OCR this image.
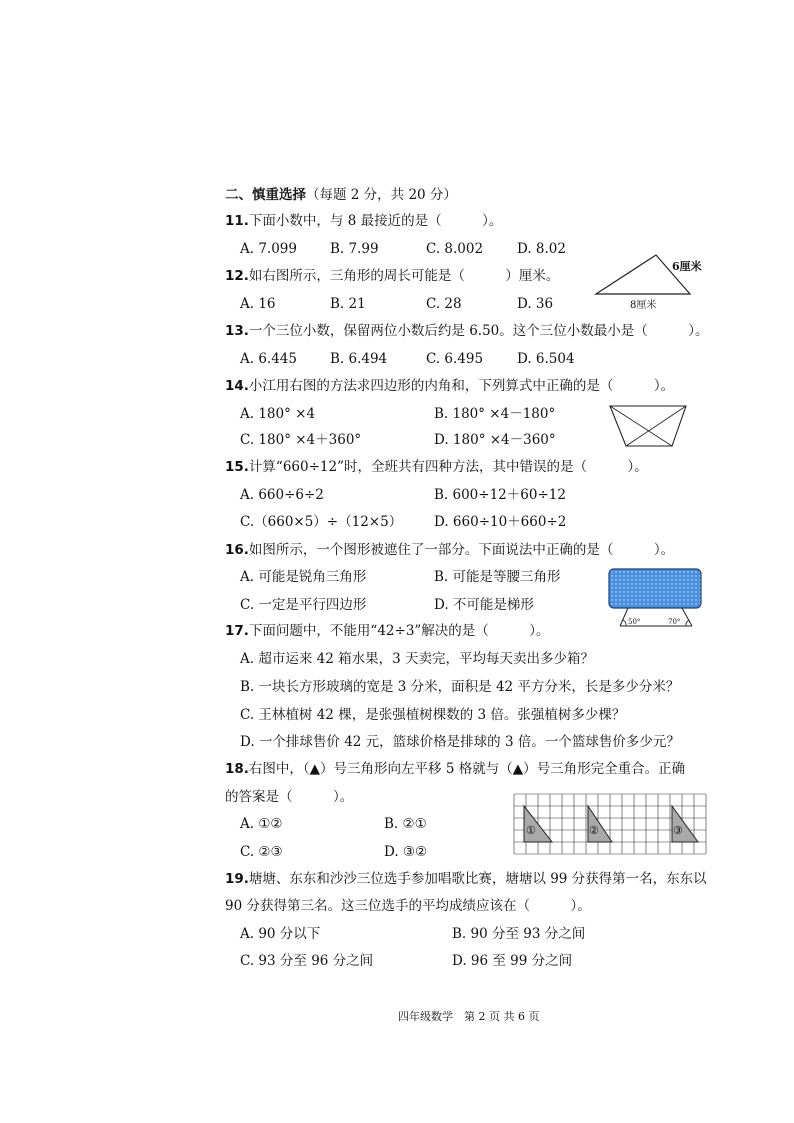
二、慎重选择（每题 2 分，共 20 分）
11.下面小数中，与 8 最接近的是（　　　）。
A. 7.099 B. 7.99	C. 8.002	D. 8.02
12.如右图所示，三角形的周长可能是（　　　）厘米。
A. 16	B. 21	C. 28	D. 36
6厘米
8厘米
13.一个三位小数，保留两位小数后约是 6.50。这个三位小数最小是（　　　）。
A. 6.445 B. 6.494	C. 6.495	D. 6.504
14.小江用右图的方法求四边形的内角和，下列算式中正确的是（　　　）。
A. 180° ×4	B. 180° ×4－180°
C. 180° ×4＋360°	D. 180° ×4－360°
15.计算“660÷12”时，全班共有四种方法，其中错误的是（　　　）。
A. 660÷6÷2	B. 600÷12＋60÷12
C.（660×5）÷（12×5） D. 660÷10＋660÷2
16.如图所示，一个图形被遮住了一部分。下面说法中正确的是（　　　）。
A. 可能是锐角三角形	B. 可能是等腰三角形
C. 一定是平行四边形	D. 不可能是梯形
50°	70°
17.下面问题中，不能用“42÷3”解决的是（　　　）。
A. 超市运来 42 箱水果，3 天卖完，平均每天卖出多少箱？
B. 一块长方形玻璃的宽是 3 分米，面积是 42 平方分米，长是多少分米？
C. 王林植树 42 棵，是张强植树棵数的 3 倍。张强植树多少棵？
D. 一个排球售价 42 元，篮球价格是排球的 3 倍。一个篮球售价多少元？
18.右图中，（▲）号三角形向左平移 5 格就与（▲）号三角形完全重合。正确
的答案是（　　　）。
A. ①②	B. ②①
C. ②③	D. ③②
①	②	③
19.塘塘、东东和沙沙三位选手参加唱歌比赛，塘塘以 99 分获得第一名，东东以
90 分获得第三名。这三位选手的平均成绩应该在（　　　）。
A. 90 分以下	B. 90 分至 93 分之间
C. 93 分至 96 分之间	D. 96 至 99 分之间
四年级数学　第 2 页 共 6 页
